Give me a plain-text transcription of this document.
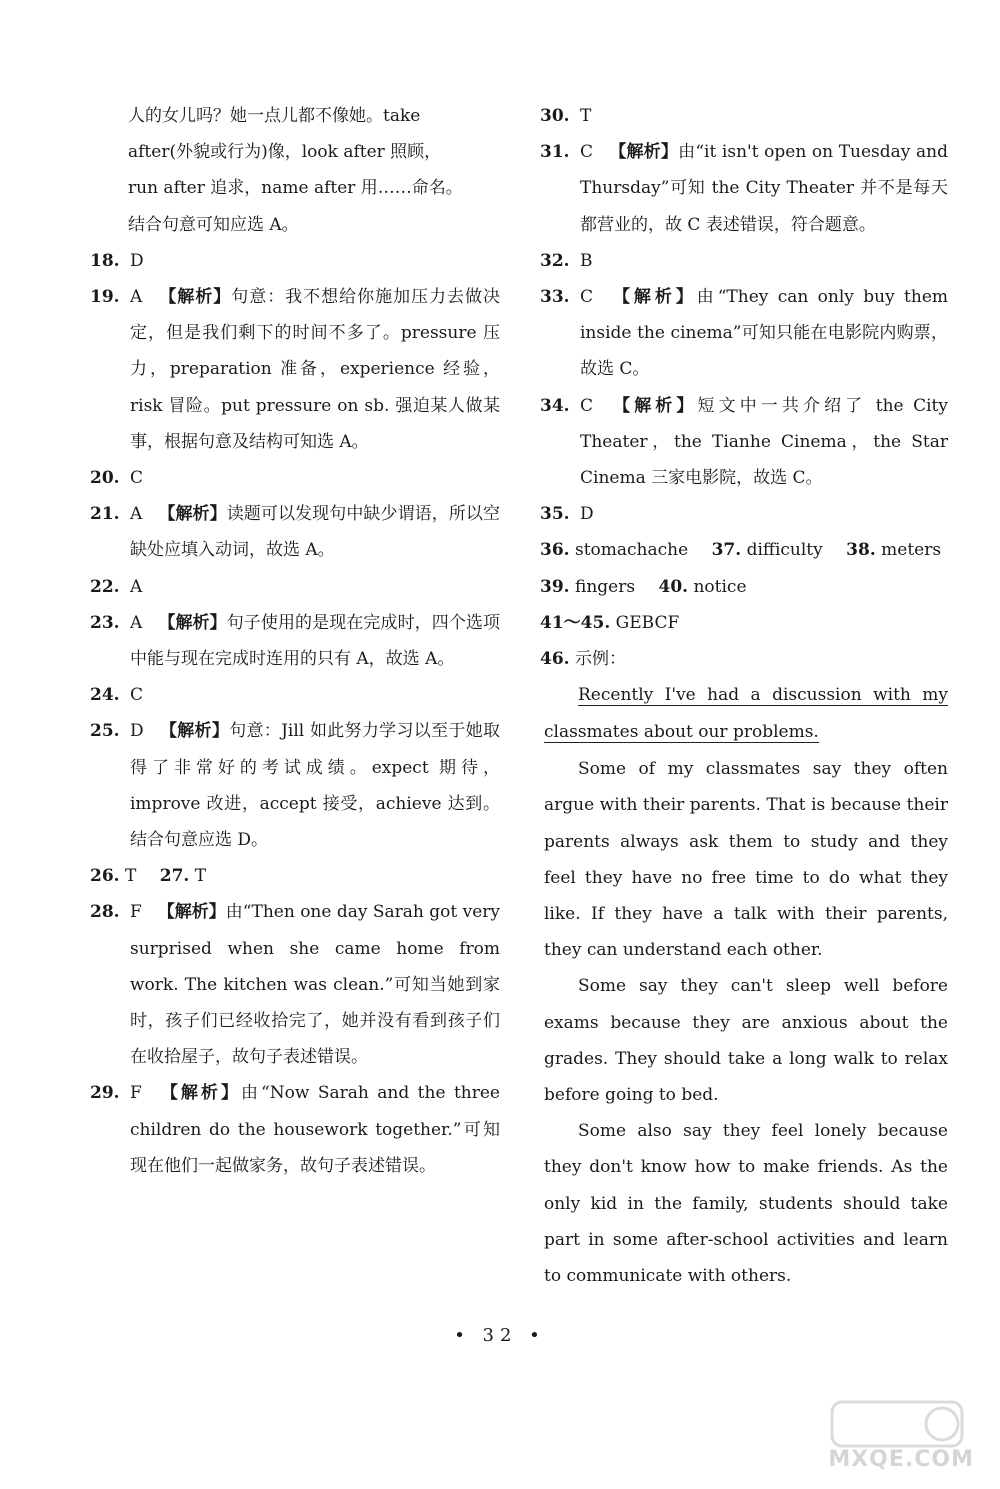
人的女儿吗？她一点儿都不像她。take
after(外貌或行为)像，look after 照顾，
run after 追求，name after 用……命名。
结合句意可知应选 A。
18. D
19. A 【解析】句意：我不想给你施加压力去做决定，但是我们剩下的时间不多了。pressure 压力，preparation 准备，experience 经验，risk 冒险。put pressure on sb. 强迫某人做某事，根据句意及结构可知选 A。
20. C
21. A 【解析】读题可以发现句中缺少谓语，所以空缺处应填入动词，故选 A。
22. A
23. A 【解析】句子使用的是现在完成时，四个选项中能与现在完成时连用的只有 A，故选 A。
24. C
25. D 【解析】句意：Jill 如此努力学习以至于她取得了非常好的考试成绩。expect 期待，improve 改进，accept 接受，achieve 达到。结合句意应选 D。
26. T 27. T
28. F 【解析】由“Then one day Sarah got very surprised when she came home from work. The kitchen was clean.”可知当她到家时，孩子们已经收拾完了，她并没有看到孩子们在收拾屋子，故句子表述错误。
29. F 【解析】由“Now Sarah and the three children do the housework together.”可知现在他们一起做家务，故句子表述错误。
30. T
31. C 【解析】由“it isn't open on Tuesday and Thursday”可知 the City Theater 并不是每天都营业的，故 C 表述错误，符合题意。
32. B
33. C 【解析】由“They can only buy them inside the cinema”可知只能在电影院内购票，故选 C。
34. C 【解析】短文中一共介绍了 the City Theater，the Tianhe Cinema，the Star Cinema 三家电影院，故选 C。
35. D
36. stomachache 37. difficulty 38. meters
39. fingers 40. notice
41～45. GEBCF
46. 示例：
Recently I've had a discussion with my classmates about our problems.
Some of my classmates say they often argue with their parents. That is because their parents always ask them to study and they feel they have no free time to do what they like. If they have a talk with their parents, they can understand each other.
Some say they can't sleep well before exams because they are anxious about the grades. They should take a long walk to relax before going to bed.
Some also say they feel lonely because they don't know how to make friends. As the only kid in the family, students should take part in some after-school activities and learn to communicate with others.
• 32 •
MXQE.COM
